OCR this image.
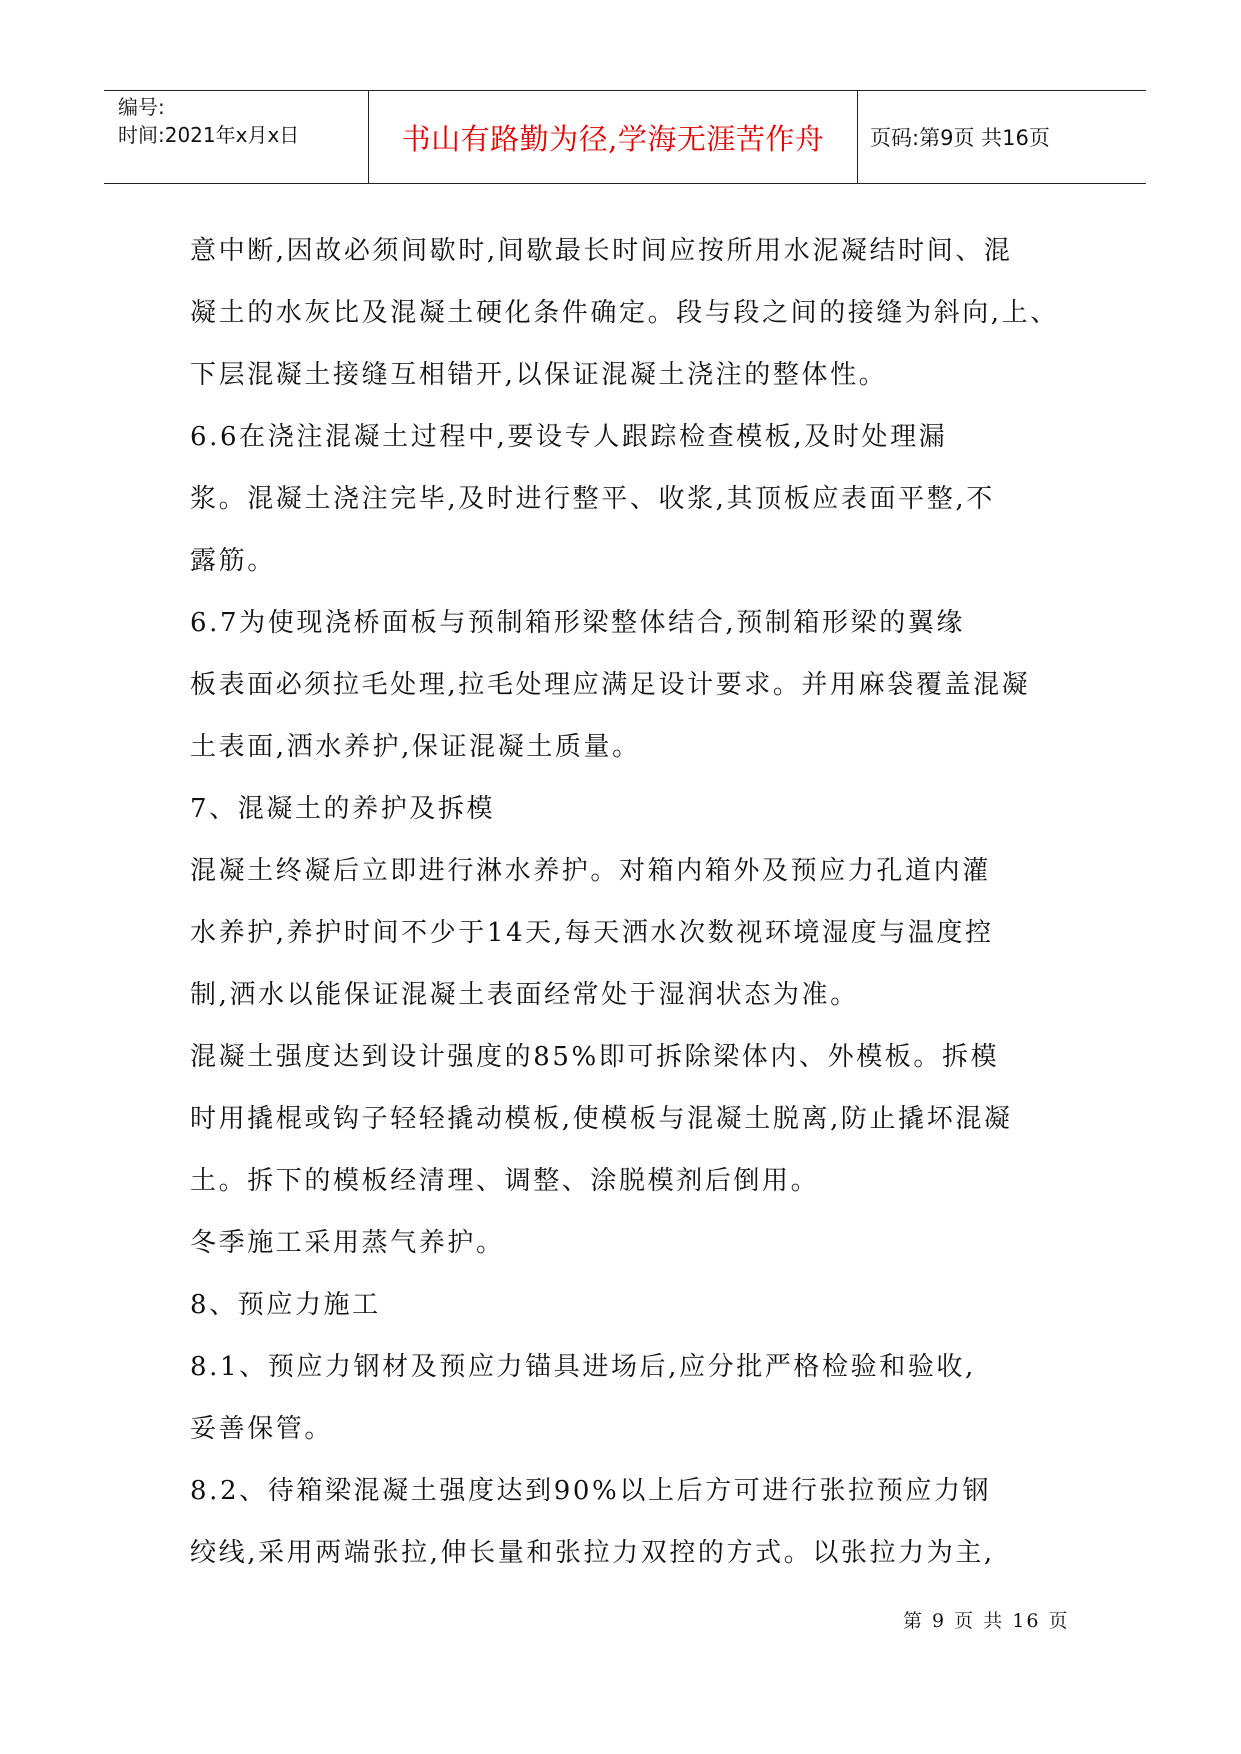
编号:
时间:2021年x月x日	书山有路勤为径,学海无涯苦作舟	页码:第9页 共16页

意中断,因故必须间歇时,间歇最长时间应按所用水泥凝结时间、混

凝土的水灰比及混凝土硬化条件确定。段与段之间的接缝为斜向,上、

下层混凝土接缝互相错开,以保证混凝土浇注的整体性。

6.6在浇注混凝土过程中,要设专人跟踪检查模板,及时处理漏

浆。混凝土浇注完毕,及时进行整平、收浆,其顶板应表面平整,不

露筋。

6.7为使现浇桥面板与预制箱形梁整体结合,预制箱形梁的翼缘

板表面必须拉毛处理,拉毛处理应满足设计要求。并用麻袋覆盖混凝

土表面,洒水养护,保证混凝土质量。

7、混凝土的养护及拆模

混凝土终凝后立即进行淋水养护。对箱内箱外及预应力孔道内灌

水养护,养护时间不少于14天,每天洒水次数视环境湿度与温度控

制,洒水以能保证混凝土表面经常处于湿润状态为准。

混凝土强度达到设计强度的85%即可拆除梁体内、外模板。拆模

时用撬棍或钩子轻轻撬动模板,使模板与混凝土脱离,防止撬坏混凝

土。拆下的模板经清理、调整、涂脱模剂后倒用。

冬季施工采用蒸气养护。

8、预应力施工

8.1、预应力钢材及预应力锚具进场后,应分批严格检验和验收,

妥善保管。

8.2、待箱梁混凝土强度达到90%以上后方可进行张拉预应力钢

绞线,采用两端张拉,伸长量和张拉力双控的方式。以张拉力为主,

第 9 页 共 16 页
